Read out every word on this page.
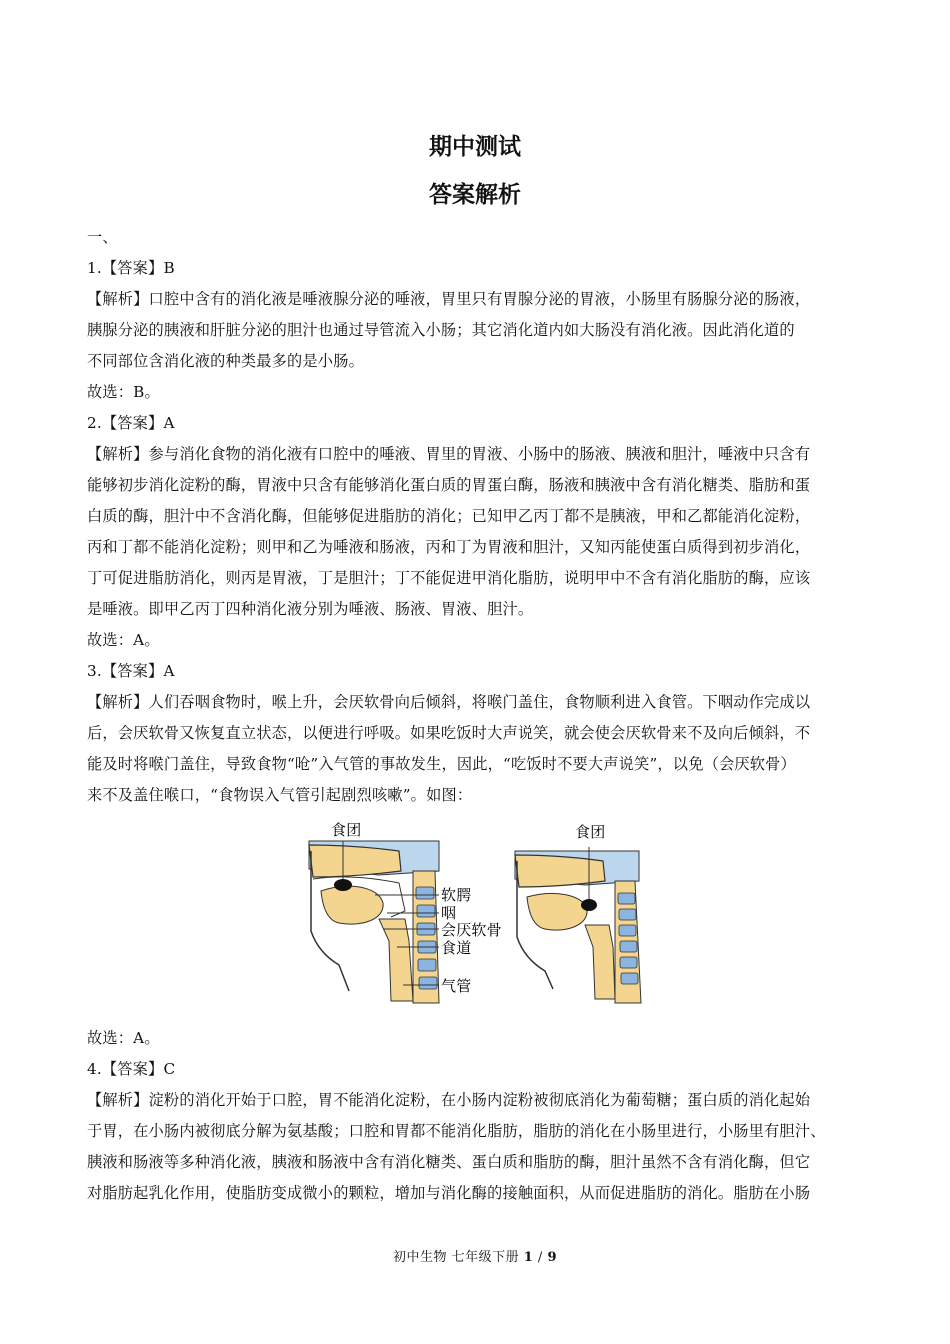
期中测试
答案解析
一、
1.【答案】B
【解析】口腔中含有的消化液是唾液腺分泌的唾液，胃里只有胃腺分泌的胃液，小肠里有肠腺分泌的肠液，
胰腺分泌的胰液和肝脏分泌的胆汁也通过导管流入小肠；其它消化道内如大肠没有消化液。因此消化道的
不同部位含消化液的种类最多的是小肠。
故选：B。
2.【答案】A
【解析】参与消化食物的消化液有口腔中的唾液、胃里的胃液、小肠中的肠液、胰液和胆汁，唾液中只含有
能够初步消化淀粉的酶，胃液中只含有能够消化蛋白质的胃蛋白酶，肠液和胰液中含有消化糖类、脂肪和蛋
白质的酶，胆汁中不含消化酶，但能够促进脂肪的消化；已知甲乙丙丁都不是胰液，甲和乙都能消化淀粉，
丙和丁都不能消化淀粉；则甲和乙为唾液和肠液，丙和丁为胃液和胆汁，又知丙能使蛋白质得到初步消化，
丁可促进脂肪消化，则丙是胃液，丁是胆汁；丁不能促进甲消化脂肪，说明甲中不含有消化脂肪的酶，应该
是唾液。即甲乙丙丁四种消化液分别为唾液、肠液、胃液、胆汁。
故选：A。
3.【答案】A
【解析】人们吞咽食物时，喉上升，会厌软骨向后倾斜，将喉门盖住，食物顺利进入食管。下咽动作完成以
后，会厌软骨又恢复直立状态，以便进行呼吸。如果吃饭时大声说笑，就会使会厌软骨来不及向后倾斜，不
能及时将喉门盖住，导致食物“呛”入气管的事故发生，因此，“吃饭时不要大声说笑”，以免（会厌软骨）
来不及盖住喉口，“食物误入气管引起剧烈咳嗽”。如图：
食团
软腭
咽
会厌软骨
食道
气管
食团
故选：A。
4.【答案】C
【解析】淀粉的消化开始于口腔，胃不能消化淀粉，在小肠内淀粉被彻底消化为葡萄糖；蛋白质的消化起始
于胃，在小肠内被彻底分解为氨基酸；口腔和胃都不能消化脂肪，脂肪的消化在小肠里进行，小肠里有胆汁、
胰液和肠液等多种消化液，胰液和肠液中含有消化糖类、蛋白质和脂肪的酶，胆汁虽然不含有消化酶，但它
对脂肪起乳化作用，使脂肪变成微小的颗粒，增加与消化酶的接触面积，从而促进脂肪的消化。脂肪在小肠
初中生物 七年级下册 1 / 9
